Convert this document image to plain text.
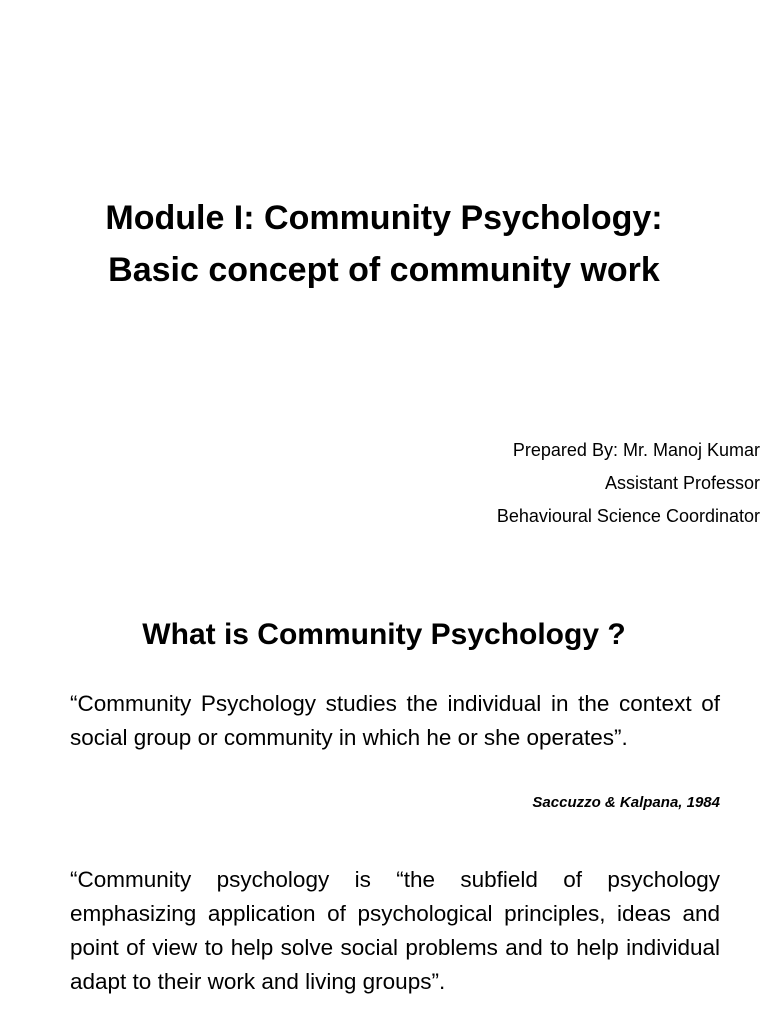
Module I: Community Psychology:
Basic concept of community work
Prepared By: Mr. Manoj Kumar
Assistant Professor
Behavioural Science Coordinator
What is Community Psychology ?

“Community Psychology studies the individual in the context of social group or community in which he or she operates”.

Saccuzzo & Kalpana, 1984

“Community psychology is “the subfield of psychology emphasizing application of psychological principles, ideas and point of view to help solve social problems and to help individual adapt to their work and living groups”.
